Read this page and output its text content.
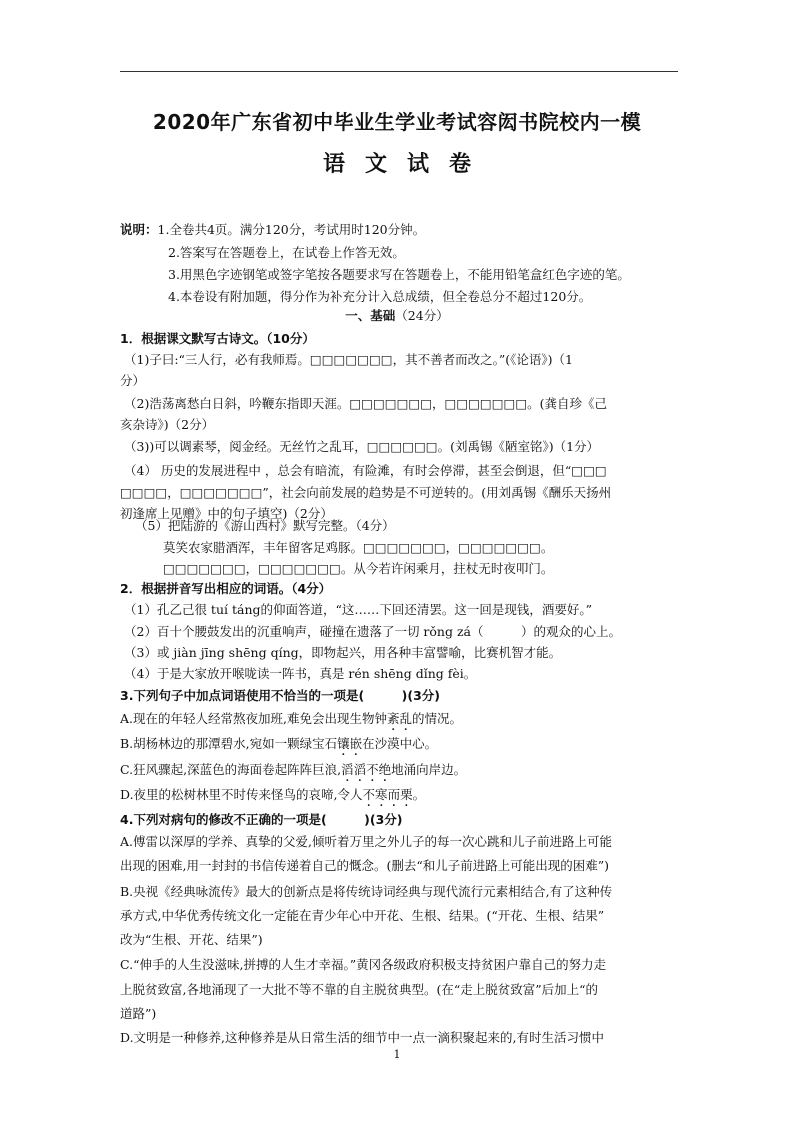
2020年广东省初中毕业生学业考试容闳书院校内一模
语文试卷
说明：1.全卷共4页。满分120分，考试用时120分钟。
2.答案写在答题卷上，在试卷上作答无效。
3.用黑色字迹钢笔或签字笔按各题要求写在答题卷上，不能用铅笔盒红色字迹的笔。
4.本卷设有附加题，得分作为补充分计入总成绩，但全卷总分不超过120分。
一、基础（24分）
1．根据课文默写古诗文。（10分）
（1)子曰:“三人行，必有我师焉。□□□□□□□，其不善者而改之。”(《论语》)（1
分）
（2)浩荡离愁白日斜，吟鞭东指即天涯。□□□□□□□，□□□□□□□。(龚自珍《己
亥杂诗》)（2分）
（3))可以调素琴，阅金经。无丝竹之乱耳，□□□□□□。(刘禹锡《陋室铭》)（1分）
（4） 历史的发展进程中 ，总会有暗流，有险滩，有时会停滞，甚至会倒退，但“□□□
□□□□，□□□□□□□”，社会向前发展的趋势是不可逆转的。(用刘禹锡《酬乐天扬州
初逢席上见赠》中的句子填空)（2分）
（5）把陆游的《游山西村》默写完整。（4分）
莫笑农家腊酒浑，丰年留客足鸡豚。□□□□□□□，□□□□□□□。
□□□□□□□，□□□□□□□。从今若许闲乘月，拄杖无时夜叩门。
2．根据拼音写出相应的词语。（4分）
（1）孔乙己很 tuí táng的仰面答道，“这……下回还清罢。这一回是现钱，酒要好。”
（2）百十个腰鼓发出的沉重响声，碰撞在遗落了一切 rǒng zá（　　　）的观众的心上。
（3）或 jiàn jīng shēng qíng，即物起兴，用各种丰富譬喻，比赛机智才能。
（4）于是大家放开喉咙读一阵书，真是 rén shēng dǐng fèi。
3.下列句子中加点词语使用不恰当的一项是(　　　)(3分)
A.现在的年轻人经常熬夜加班,难免会出现生物钟紊乱的情况。
B.胡杨林边的那潭碧水,宛如一颗绿宝石镶嵌在沙漠中心。
C.狂风骤起,深蓝色的海面卷起阵阵巨浪,滔滔不绝地涌向岸边。
D.夜里的松树林里不时传来怪鸟的哀啼,令人不寒而栗。
4.下列对病句的修改不正确的一项是(　　　)(3分)
A.傅雷以深厚的学养、真挚的父爱,倾听着万里之外儿子的每一次心跳和儿子前进路上可能
出现的困难,用一封封的书信传递着自己的慨念。(删去“和儿子前进路上可能出现的困难”)
B.央视《经典咏流传》最大的创新点是将传统诗词经典与现代流行元素相结合,有了这种传
承方式,中华优秀传统文化一定能在青少年心中开花、生根、结果。(“开花、生根、结果”
改为“生根、开花、结果”)
C.“伸手的人生没滋味,拼搏的人生才幸福。”黄冈各级政府积极支持贫困户靠自己的努力走
上脱贫致富,各地涌现了一大批不等不靠的自主脱贫典型。(在“走上脱贫致富”后加上“的
道路”)
D.文明是一种修养,这种修养是从日常生活的细节中一点一滴积聚起来的,有时生活习惯中
1
